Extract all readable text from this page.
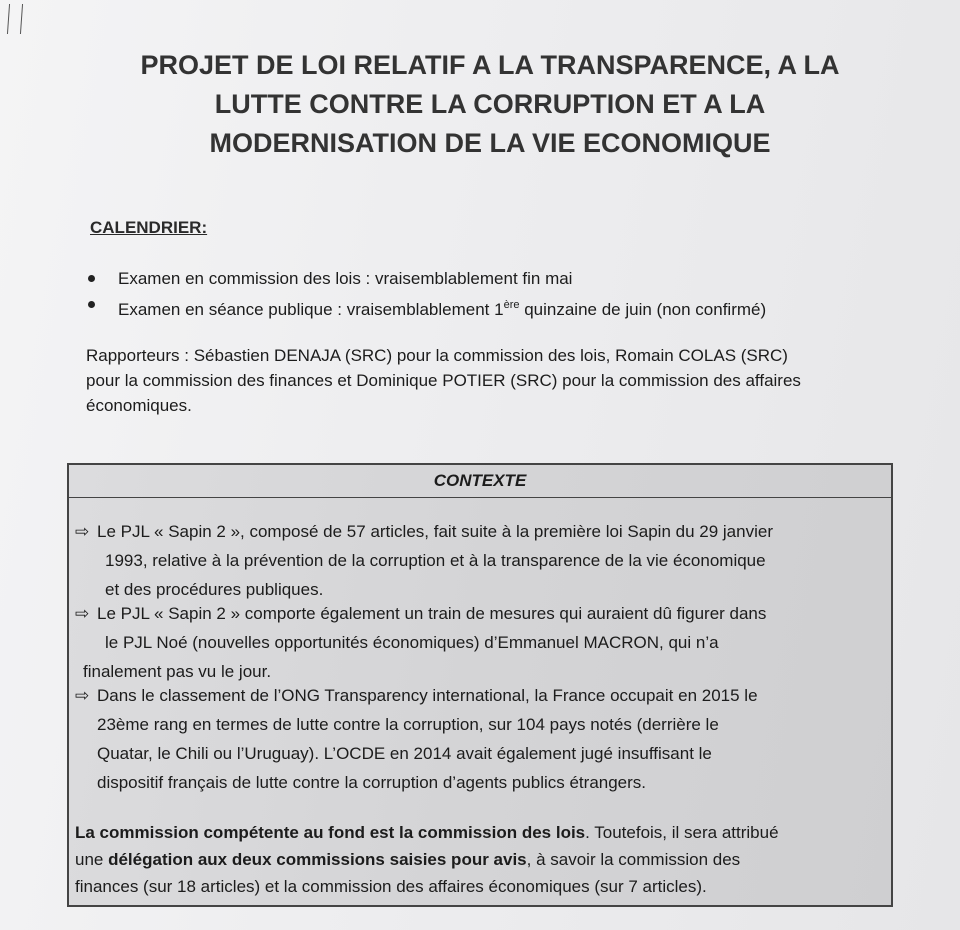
PROJET DE LOI RELATIF A LA TRANSPARENCE, A LA
LUTTE CONTRE LA CORRUPTION ET A LA
MODERNISATION DE LA VIE ECONOMIQUE
CALENDRIER:
Examen en commission des lois : vraisemblablement fin mai
Examen en séance publique : vraisemblablement 1ère quinzaine de juin (non confirmé)
Rapporteurs : Sébastien DENAJA (SRC) pour la commission des lois, Romain COLAS (SRC)
pour la commission des finances et Dominique POTIER (SRC) pour la commission des affaires
économiques.
CONTEXTE
⇨ Le PJL « Sapin 2 », composé de 57 articles, fait suite à la première loi Sapin du 29 janvier
1993, relative à la prévention de la corruption et à la transparence de la vie économique
et des procédures publiques.
⇨ Le PJL « Sapin 2 » comporte également un train de mesures qui auraient dû figurer dans
le PJL Noé (nouvelles opportunités économiques) d’Emmanuel MACRON, qui n’a
finalement pas vu le jour.
⇨ Dans le classement de l’ONG Transparency international, la France occupait en 2015 le
23ème rang en termes de lutte contre la corruption, sur 104 pays notés (derrière le
Quatar, le Chili ou l’Uruguay). L’OCDE en 2014 avait également jugé insuffisant le
dispositif français de lutte contre la corruption d’agents publics étrangers.
La commission compétente au fond est la commission des lois. Toutefois, il sera attribué
une délégation aux deux commissions saisies pour avis, à savoir la commission des
finances (sur 18 articles) et la commission des affaires économiques (sur 7 articles).
